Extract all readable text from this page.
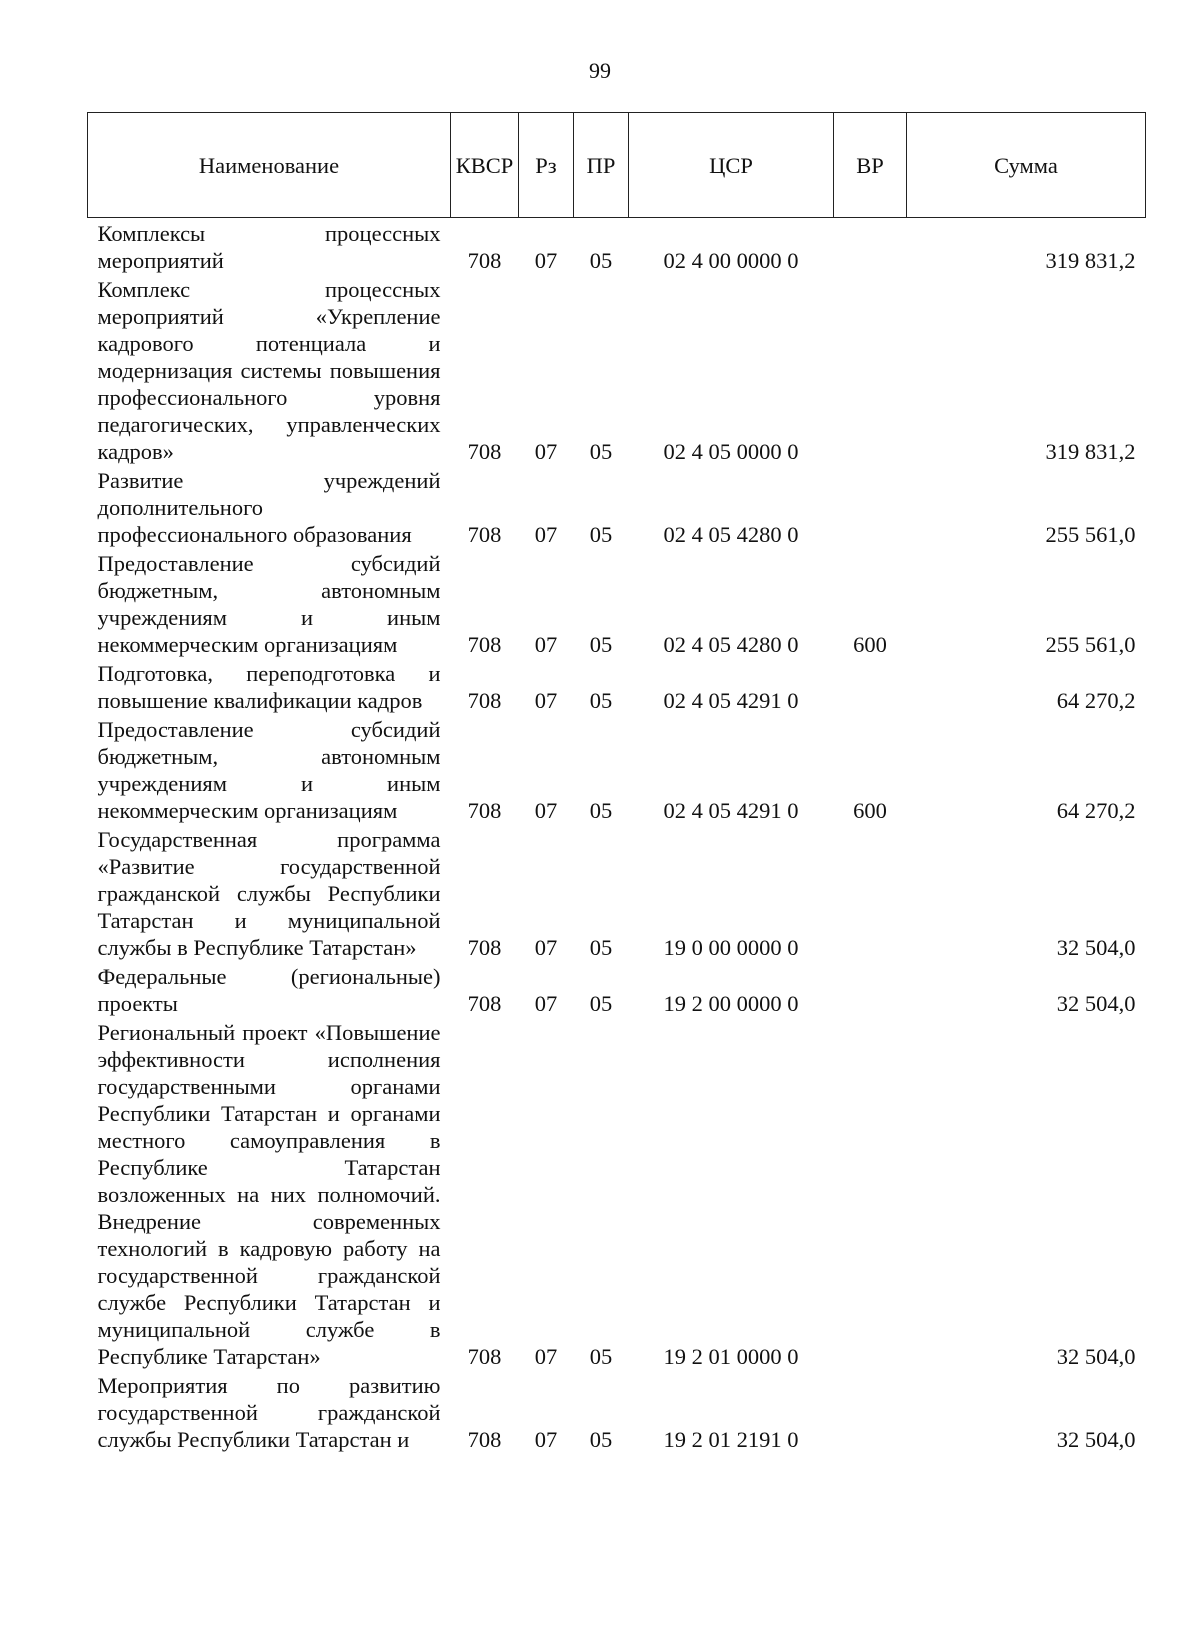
99
Наименование	КВСР	Рз	ПР	ЦСР	ВР	Сумма
Комплексы процессных мероприятий	708	07	05	02 4 00 0000 0		319 831,2
Комплекс процессных мероприятий «Укрепление кадрового потенциала и модернизация системы повышения профессионального уровня педагогических, управленческих кадров»	708	07	05	02 4 05 0000 0		319 831,2
Развитие учреждений дополнительного профессионального образования	708	07	05	02 4 05 4280 0		255 561,0
Предоставление субсидий бюджетным, автономным учреждениям и иным некоммерческим организациям	708	07	05	02 4 05 4280 0	600	255 561,0
Подготовка, переподготовка и повышение квалификации кадров	708	07	05	02 4 05 4291 0		64 270,2
Предоставление субсидий бюджетным, автономным учреждениям и иным некоммерческим организациям	708	07	05	02 4 05 4291 0	600	64 270,2
Государственная программа «Развитие государственной гражданской службы Республики Татарстан и муниципальной службы в Республике Татарстан»	708	07	05	19 0 00 0000 0		32 504,0
Федеральные (региональные) проекты	708	07	05	19 2 00 0000 0		32 504,0
Региональный проект «Повышение эффективности исполнения государственными органами Республики Татарстан и органами местного самоуправления в Республике Татарстан возложенных на них полномочий. Внедрение современных технологий в кадровую работу на государственной гражданской службе Республики Татарстан и муниципальной службе в Республике Татарстан»	708	07	05	19 2 01 0000 0		32 504,0
Мероприятия по развитию государственной гражданской службы Республики Татарстан и	708	07	05	19 2 01 2191 0		32 504,0
